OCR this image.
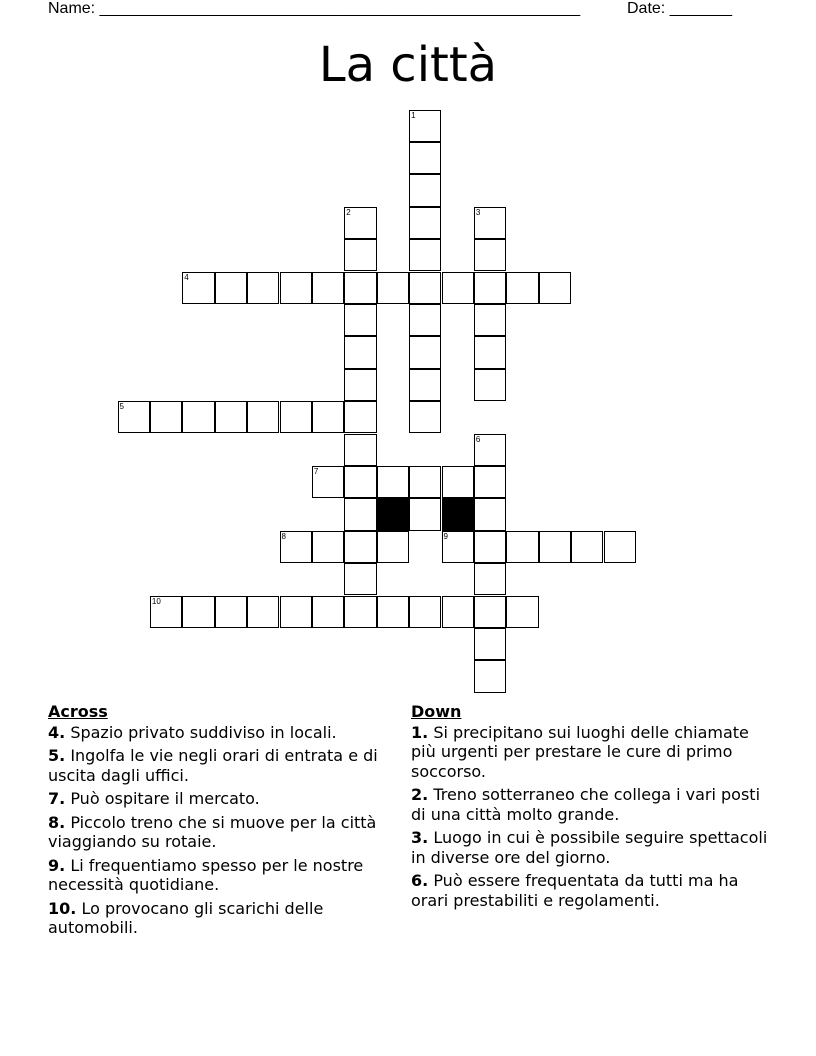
Name: ______________________________________________________	Date: _______
La città
1
2	3
6
4
5
7
8	9
10
Across
4. Spazio privato suddiviso in locali.
5. Ingolfa le vie negli orari di entrata e di uscita dagli uffici.
7. Può ospitare il mercato.
8. Piccolo treno che si muove per la città viaggiando su rotaie.
9. Li frequentiamo spesso per le nostre necessità quotidiane.
10. Lo provocano gli scarichi delle automobili.
Down
1. Si precipitano sui luoghi delle chiamate più urgenti per prestare le cure di primo soccorso.
2. Treno sotterraneo che collega i vari posti di una città molto grande.
3. Luogo in cui è possibile seguire spettacoli in diverse ore del giorno.
6. Può essere frequentata da tutti ma ha orari prestabiliti e regolamenti.
